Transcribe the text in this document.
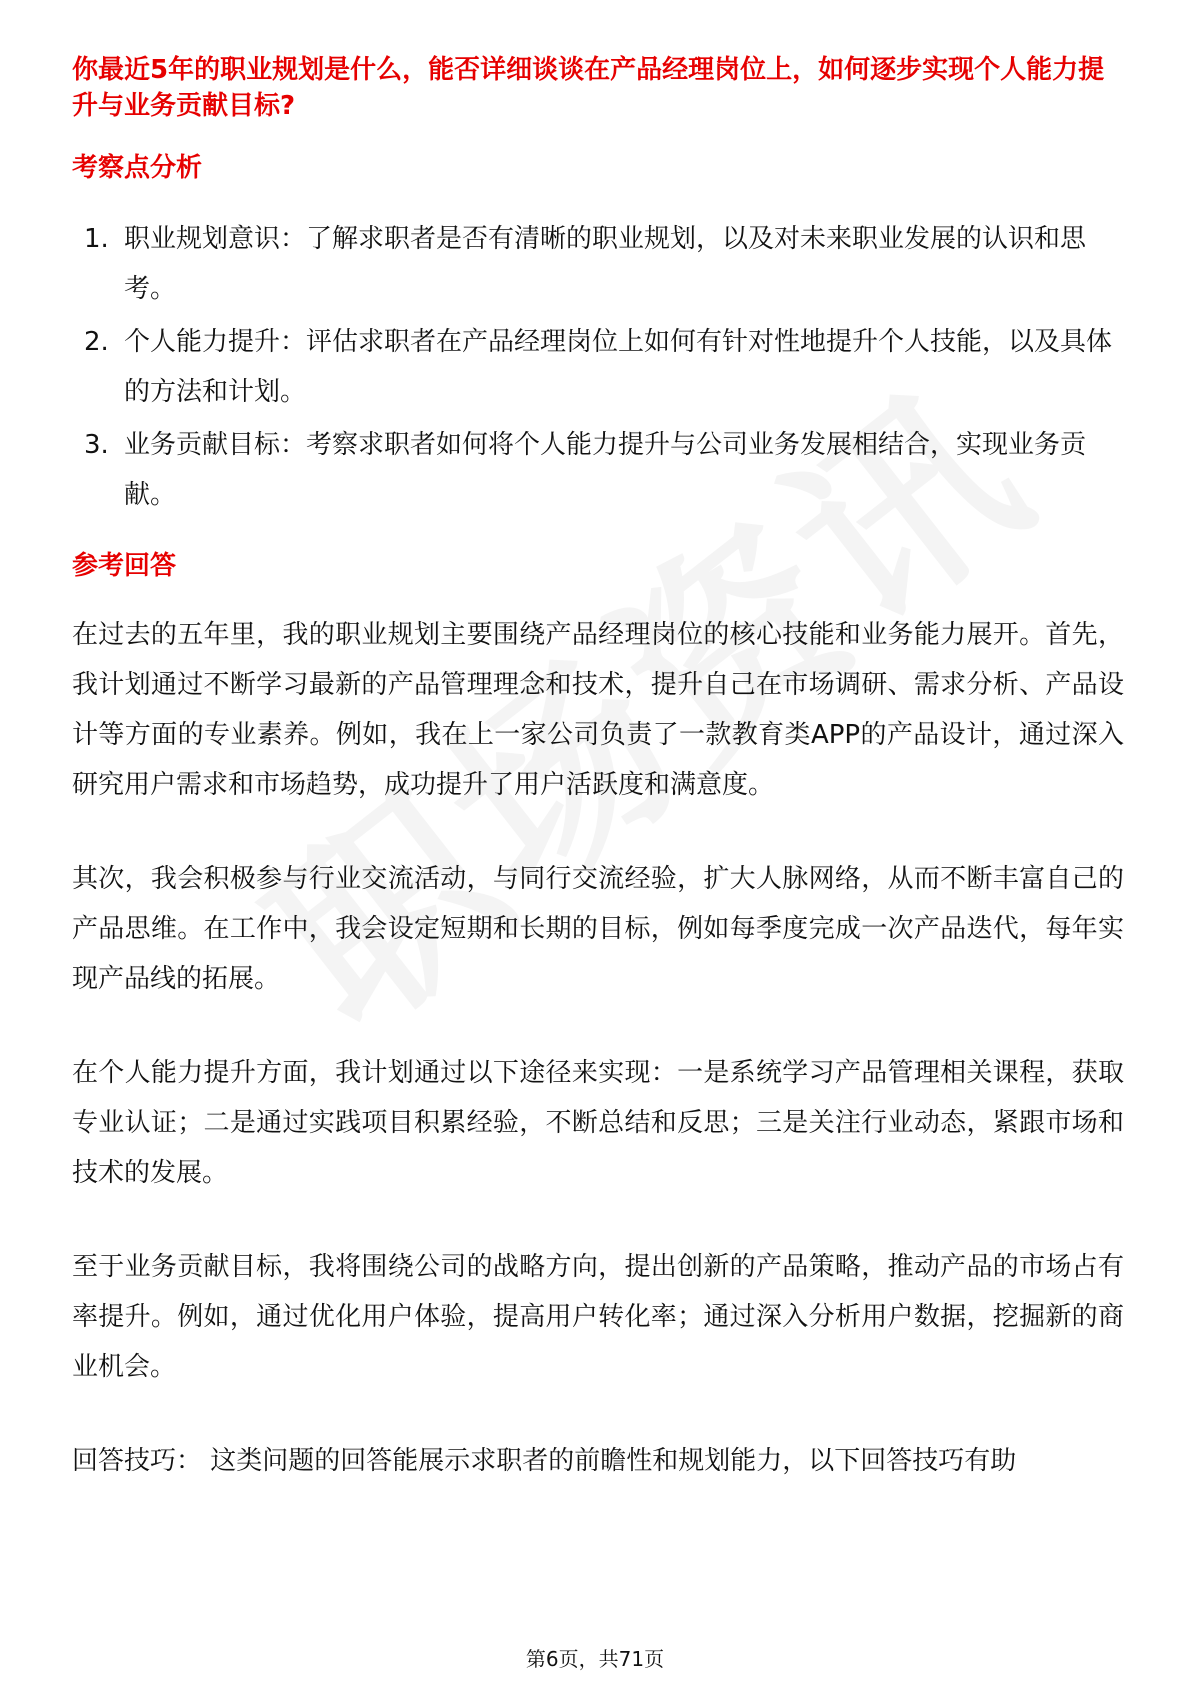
你最近5年的职业规划是什么，能否详细谈谈在产品经理岗位上，如何逐步实现个人能力提升与业务贡献目标?

考察点分析

1. 职业规划意识：了解求职者是否有清晰的职业规划，以及对未来职业发展的认识和思考。
2. 个人能力提升：评估求职者在产品经理岗位上如何有针对性地提升个人技能，以及具体的方法和计划。
3. 业务贡献目标：考察求职者如何将个人能力提升与公司业务发展相结合，实现业务贡献。

参考回答

在过去的五年里，我的职业规划主要围绕产品经理岗位的核心技能和业务能力展开。首先，我计划通过不断学习最新的产品管理理念和技术，提升自己在市场调研、需求分析、产品设计等方面的专业素养。例如，我在上一家公司负责了一款教育类APP的产品设计，通过深入研究用户需求和市场趋势，成功提升了用户活跃度和满意度。

其次，我会积极参与行业交流活动，与同行交流经验，扩大人脉网络，从而不断丰富自己的产品思维。在工作中，我会设定短期和长期的目标，例如每季度完成一次产品迭代，每年实现产品线的拓展。

在个人能力提升方面，我计划通过以下途径来实现：一是系统学习产品管理相关课程，获取专业认证；二是通过实践项目积累经验，不断总结和反思；三是关注行业动态，紧跟市场和技术的发展。

至于业务贡献目标，我将围绕公司的战略方向，提出创新的产品策略，推动产品的市场占有率提升。例如，通过优化用户体验，提高用户转化率；通过深入分析用户数据，挖掘新的商业机会。

回答技巧： 这类问题的回答能展示求职者的前瞻性和规划能力，以下回答技巧有助

第6页，共71页
